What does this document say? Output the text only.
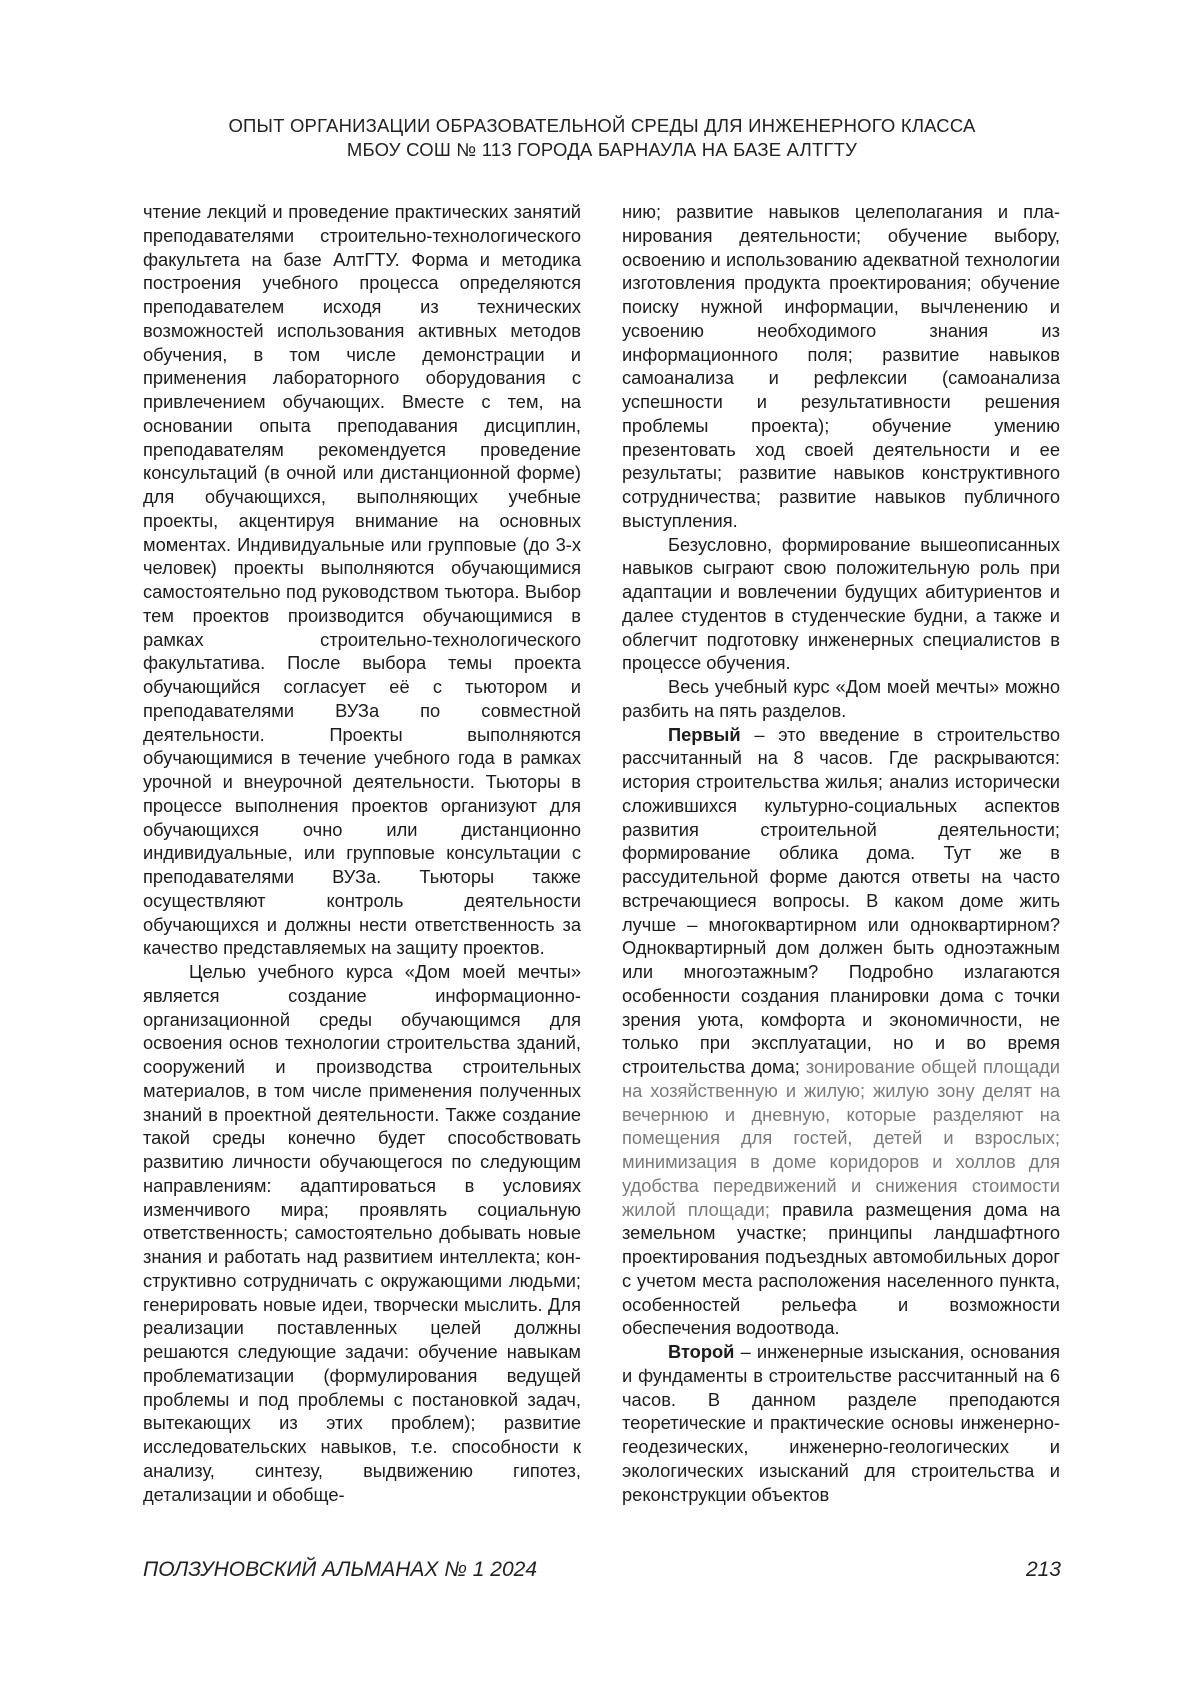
ОПЫТ ОРГАНИЗАЦИИ ОБРАЗОВАТЕЛЬНОЙ СРЕДЫ ДЛЯ ИНЖЕНЕРНОГО КЛАССА
МБОУ СОШ № 113 ГОРОДА БАРНАУЛА НА БАЗЕ АЛТГТУ

чтение лекций и проведение практических занятий преподавателями строительно-технологического факультета на базе АлтГТУ. Форма и методика построения учебного процесса определяются преподавателем исходя из технических возможностей использования активных методов обучения, в том числе демонстрации и применения лабораторного оборудования с привлечением обучающих. Вместе с тем, на основании опыта преподавания дисциплин, преподавателям рекомендуется проведение консультаций (в очной или дистанционной форме) для обучающихся, выполняющих учебные проекты, акцентируя внимание на основных моментах. Индивидуальные или групповые (до 3-х человек) проекты выполняются обучающимися самостоятельно под руководством тьютора. Выбор тем проектов производится обучающимися в рамках строительно-технологического факультатива. После выбора темы проекта обучающийся согласует её с тьютором и преподавателями ВУЗа по совместной деятельности. Проекты выполняются обучающимися в течение учебного года в рамках урочной и внеурочной деятельности. Тьюторы в процессе выполнения проектов организуют для обучающихся очно или дистанционно индивидуальные, или групповые консультации с преподавателями ВУЗа. Тьюторы также осуществляют контроль деятельности обучающихся и должны нести ответственность за качество представляемых на защиту проектов.

Целью учебного курса «Дом моей мечты» является создание информационно-организационной среды обучающимся для освоения основ технологии строительства зданий, сооружений и производства строительных материалов, в том числе применения полученных знаний в проектной деятельности. Также создание такой среды конечно будет способствовать развитию личности обучающегося по следующим направлениям: адаптироваться в условиях изменчивого мира; проявлять социальную ответственность; самостоятельно добывать новые знания и работать над развитием интеллекта; конструктивно сотрудничать с окружающими людьми; генерировать новые идеи, творчески мыслить. Для реализации поставленных целей должны решаются следующие задачи: обучение навыкам проблематизации (формулирования ведущей проблемы и под проблемы с постановкой задач, вытекающих из этих проблем); развитие исследовательских навыков, т.е. способности к анализу, синтезу, выдвижению гипотез, детализации и обобще-

нию; развитие навыков целеполагания и планирования деятельности; обучение выбору, освоению и использованию адекватной технологии изготовления продукта проектирования; обучение поиску нужной информации, вычленению и усвоению необходимого знания из информационного поля; развитие навыков самоанализа и рефлексии (самоанализа успешности и результативности решения проблемы проекта); обучение умению презентовать ход своей деятельности и ее результаты; развитие навыков конструктивного сотрудничества; развитие навыков публичного выступления.

Безусловно, формирование вышеописанных навыков сыграют свою положительную роль при адаптации и вовлечении будущих абитуриентов и далее студентов в студенческие будни, а также и облегчит подготовку инженерных специалистов в процессе обучения.

Весь учебный курс «Дом моей мечты» можно разбить на пять разделов.

Первый – это введение в строительство рассчитанный на 8 часов. Где раскрываются: история строительства жилья; анализ исторически сложившихся культурно-социальных аспектов развития строительной деятельности; формирование облика дома. Тут же в рассудительной форме даются ответы на часто встречающиеся вопросы. В каком доме жить лучше – многоквартирном или одноквартирном? Одноквартирный дом должен быть одноэтажным или многоэтажным? Подробно излагаются особенности создания планировки дома с точки зрения уюта, комфорта и экономичности, не только при эксплуатации, но и во время строительства дома; зонирование общей площади на хозяйственную и жилую; жилую зону делят на вечернюю и дневную, которые разделяют на помещения для гостей, детей и взрослых; минимизация в доме коридоров и холлов для удобства передвижений и снижения стоимости жилой площади; правила размещения дома на земельном участке; принципы ландшафтного проектирования подъездных автомобильных дорог с учетом места расположения населенного пункта, особенностей рельефа и возможности обеспечения водоотвода.

Второй – инженерные изыскания, основания и фундаменты в строительстве рассчитанный на 6 часов. В данном разделе преподаются теоретические и практические основы инженерно-геодезических, инженерно-геологических и экологических изысканий для строительства и реконструкции объектов

ПОЛЗУНОВСКИЙ АЛЬМАНАХ № 1 2024	213
